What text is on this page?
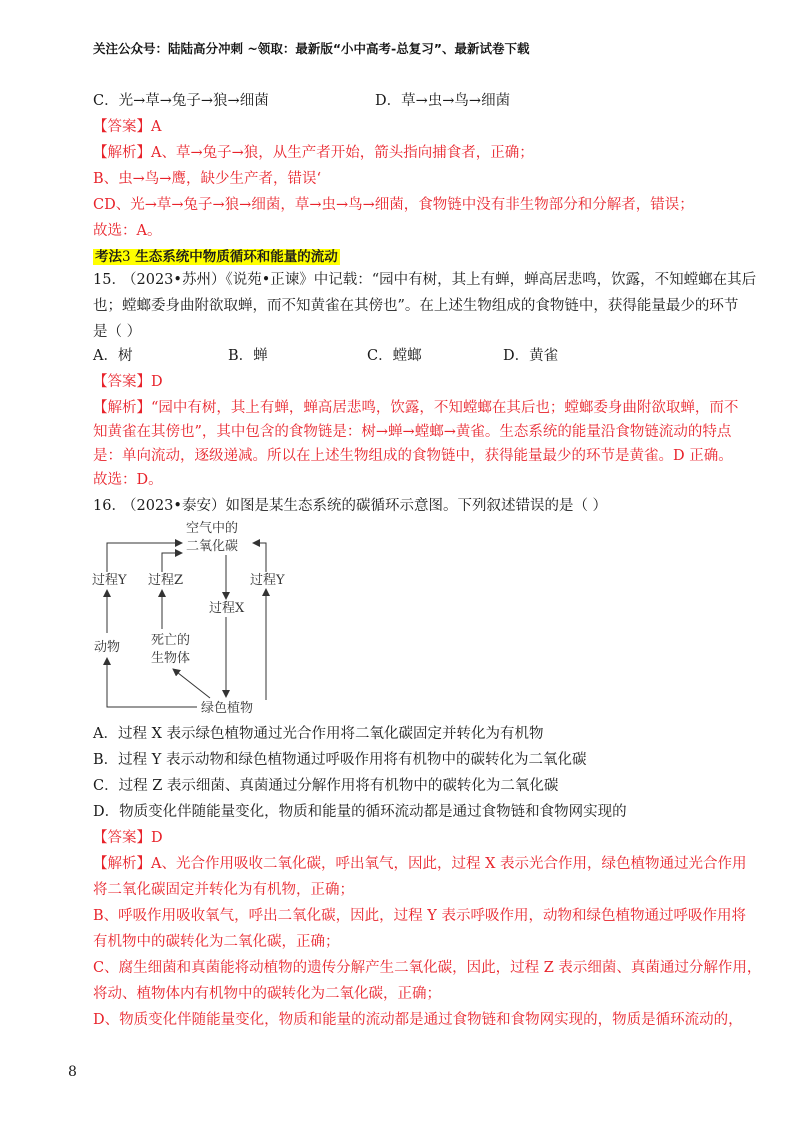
关注公众号：陆陆高分冲刺 ~领取：最新版“小中高考-总复习”、最新试卷下载
C．光→草→兔子→狼→细菌	D．草→虫→鸟→细菌
【答案】A
【解析】A、草→兔子→狼，从生产者开始，箭头指向捕食者，正确；
B、虫→鸟→鹰，缺少生产者，错误‘
CD、光→草→兔子→狼→细菌，草→虫→鸟→细菌，食物链中没有非生物部分和分解者，错误；
故选：A。
考法3 生态系统中物质循环和能量的流动
15．
（2023•苏州）《说苑•正谏》中记载：“园中有树，其上有蝉，蝉高居悲鸣，饮露，不知螳螂在其后
也；螳螂委身曲附欲取蝉，而不知黄雀在其傍也”。在上述生物组成的食物链中，获得能量最少的环节
是（ ）
A．树	B．蝉	C．螳螂	D．黄雀
【答案】D
【解析】“园中有树，其上有蝉，蝉高居悲鸣，饮露，不知螳螂在其后也；螳螂委身曲附欲取蝉，而不
知黄雀在其傍也”，其中包含的食物链是：树→蝉→螳螂→黄雀。生态系统的能量沿食物链流动的特点
是：单向流动，逐级递减。所以在上述生物组成的食物链中，获得能量最少的环节是黄雀。D 正确。
故选：D。
16．
（2023•泰安）如图是某生态系统的碳循环示意图。下列叙述错误的是（ ）
空气中的
二氧化碳
过程Y 过程Z	过程Y
过程X
动物 死亡的
生物体
绿色植物
A．过程 X 表示绿色植物通过光合作用将二氧化碳固定并转化为有机物
B．过程 Y 表示动物和绿色植物通过呼吸作用将有机物中的碳转化为二氧化碳
C．过程 Z 表示细菌、真菌通过分解作用将有机物中的碳转化为二氧化碳
D．物质变化伴随能量变化，物质和能量的循环流动都是通过食物链和食物网实现的
【答案】D
【解析】A、光合作用吸收二氧化碳，呼出氧气，因此，过程 X 表示光合作用，绿色植物通过光合作用
将二氧化碳固定并转化为有机物，正确；
B、呼吸作用吸收氧气，呼出二氧化碳，因此，过程 Y 表示呼吸作用，动物和绿色植物通过呼吸作用将
有机物中的碳转化为二氧化碳，正确；
C、腐生细菌和真菌能将动植物的遗传分解产生二氧化碳，因此，过程 Z 表示细菌、真菌通过分解作用，
将动、植物体内有机物中的碳转化为二氧化碳，正确；
D、物质变化伴随能量变化，物质和能量的流动都是通过食物链和食物网实现的，物质是循环流动的，
8
